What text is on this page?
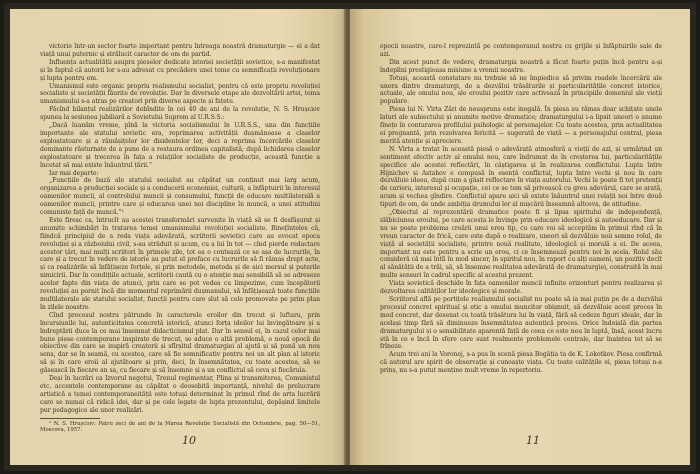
victorie într-un sector foarte important pentru întreaga noastră dramaturgie — ei a dat viață unui puternic și strălucit caracter de om de partid.

Influența actualității asupra pieselor dedicate istoriei societății sovietice, s-a manifestat și în faptul că autorii lor s-au adresat cu precădere unei teme cu semnificații revoluționare și lupta pentru om.

Umanismul este organic propriu realismului socialist, pentru că este propriu revoluției socialiste și societății făurite de revoluție. Dar în diversele etape ale dezvoltării artei, tema umanismului s-a atras pe creatori prin diverse aspecte și fațete.

Făcînd bilanțul realizărilor dobîndite în cei 40 de ani de la revoluție, N. S. Hrușciov spunea la sesiunea jubiliară a Sovietului Suprem al U.R.S.S.:

„Dacă luanăm vreme, pînă la victoria socialismului în U.R.S.S., una din funcțiile importante ale statului sovietic era, reprimarea activității dușmănoase a claselor exploatatoare și a rămășițelor lor disidentelor lor, deci a reprima încercările claselor dominante răsturnate de a pune de a restaura ordinea capitalistă; după lichidarea claselor exploatatoare și trecerea în fața a relațiilor socialiste de producție, această funcție a încetat să mai existe înăuntrul țării.”

Iar mai departe:

„Funcțiile de bază ale statului socialist au căpătat un conținut mai larg acum, organizarea a producției sociale și a conducerii economiei, culturii, a înfăptuirii în interesul oamenilor muncii, al controlului muncii și consumului, funcții de educare multilaterală a oamenilor muncii, printre care și educarea unei noi discipline în muncă, a unei atitudini comuniste față de muncă.”¹

Este firesc ca, întrucît au acestei transformări survenite în viață să se fi desfășurat și anumite schimbări în tratarea temei umanismului revoluției socialiste. Binețînțeles că, fiindcă principiul de a reda viața adevărată, scriitorii sovietici care au evocat epoca revoluției și a războiului civil, s-au străduit și acum, cu a lui în tot — cînd pierde redactare acestor țări, mai mulți scriitori în primele zile, tot ea o contează ce se așa de lucrurile, în care și a trecut în vedere de istorie au putut el preface cu lucrurile să fi rămas drept acte, și ca realizările să înfățișeze forțele, și prin metodele, metoda și de aici mersul și puterile nimicirii. Dar în condițiile actuale, scriitorii caută cu o atenție mai sensibilă să se adreseze acelor fapte din viața de atunci, prin care se pot vedea cu limpezime, cum începătorii revoluției au pornit încă din momentul reprimării dușmanului, să înfățișează toate funcțiile multilaterale ale statului socialist, funcții pentru care slut să cele promovate pe prim plan în zilele noastre.

Cînd procesul nostru pătrunde în caracterele eroilor din trecut și luftaru, prin încursiunile lui, autenticitatea concretă istorică, atunci forța ideilor lui învingătoare și a îndreptării duce la ce mai însemnat didacticismul plat. Dar în sensul ei, în cazul celor mai bune piese contemporane inspirate de trecut, se aduce o altă problemă, o nouă epocă de obiective din care se inspiră creatorii și sfîrșitul dramaturgiei al ajută și să pună un nou sens, dar se în seamă, cu acestea, care să fie semnificativ pentru noi un alt plan al istoric să și în care eroii al ajutătoare și prin, deci, în însemnătatea, cu toate acestea, să se găsească în fiecare an sa, cu fiecare și să însemne și a un conflictul să ceva și fiecăruia.

Deși în lucrări ca Izvorul negoțui, Trenul regimentar, Plina și transmiterea, Comunistul etc. accentele contemporane au căpătat o deosebită importanță, nivelul de prelucrare artistică a temei contemporaneității este totuși determinat în primul rînd de arta lucrării care se numai că ridică idei, dar și pe cele legate de lupta prezentului, depășind limitele pur pedagogice ale unor realizări.

¹ N. S. Hrușciov: Patru zeci de ani de la Marea Revoluție Socialistă din Octombrie, pag. 50—51, Moscova, 1957.

10

epocii noastre, care-l reprezintă pe contemporanul nostru cu grijile și înfăptuirile sale de azi.

Din acest punct de vedere, dramaturgia noastră a făcut foarte puțin încă pentru a-și îndeplini prestigioasa misiune a vremii noastre.

Totuși, această constatare nu trebuie să ne împiedice să privim roadele încercării ale unora dintre dramaturgi, de a dezvălui trăsăturile și particularitățile concret istorice, actuale, ale omului nou, ale eroului pozitiv care activează în principiile domeniul ale vieții populare.

Piesa lui N. Virta Zări de neuspruns este inegală. În piesa au rămas doar schițate unele laturi ale subiectului și anumite motive dramatice; dramaturgului i-a lipsit uneori o anume finețe în conturarea profilului psihologic al personajelor. Cu toate acestea, prin actualitatea ei pregnantă, prin rezolvarea fericită — sugerată de viață — a personajului central, piesa merită atenție și apreciere.

N. Virta a tratat în această piesă o adevărată atmosferă a vieții de azi, și urmărind un sentiment efectiv activ al omului nou, care îndrumat de în creșterea lui, particularitățile specifice ale acestei reflectări, în câștigarea și în realizarea conflictului. Lupta între Hijnichev și Astahov e compusă în esență conflictul, lupta între vechi și nou în care dezvăluie ideea, după cum a găsit reflectare în viața autorului. Vechi le poate fi tot pretenții de cariera, interesul și ocupație, cei ce se tem să privească cu greu adevărul, care se arată, acum și vechea gîndire. Conflictul apare aici să existe înăuntrul unei relații noi între două tipuri de om, de unde ambiția drumului lor al mișcării înseamnă altceva, de atitudine.

„Obiectul al reprezentării dramatice poate fi și lipsa spiritului de independență, slăbiciunea eroului, pe care acesta le învinge prin educare ideologică și autoeducare. Dar și nu se poate problema creării unui erou tip, cu care voi să acceptăm în primul rînd că în vreun caracter de frică, care este după o realizare, uneori să dezvăluie noii semne rolul, de viață al societății socialiste, printre nouă realitate, ideologică și morală a ei. De aceea, important nu este pentru a scrie un erou, ci ce însemnează pentru noi în acela. Rolul său consideră că mai întîi în mod sincer, în spiritul nou, în raport cu alți oameni, un pozitiv decît al sănătății de a trăi, să, să însemne realitatea adevărată de dramaturgiei, construită în mai multe sensuri în cadrul specific al acestui prezent.

Viața sovietică deschide în fața oamenilor muncii infinite orizonturi pentru realizarea și dezvoltarea calităților lor ideologice și morale.

Scriitorul află pe portițele realismului socialist nu poate să ia mai puțin pe de a dezvălui procesul concret spiritual și etic a omului muncitor obișnuit, să dezvăluie acest proces în mod concret, dar desenat cu toată trăsătura lui în viață, fără să cedeze figuri ideale, dar în același timp fără să diminueze însemnătatea autentică proces. Orice îndoială din partea dramaturgului și o sensibilitate aparentă față de ceea ce este nou în luptă, însă, acest lucru stă în ce e încă în sfere care sunt realmente problemele centrale, dar înaintea tot să se frîneze.

Acum trei ani la Voronej, s-a pus în scenă piesa Bogăția ta de K. Lokotkov. Piesa confirmă că autorul are spirit de observație și cunoaște viața. Cu toate calitățile ei, piesa totuși n-a prins, nu s-a putut menține mult vreme în repertoriu.

11
